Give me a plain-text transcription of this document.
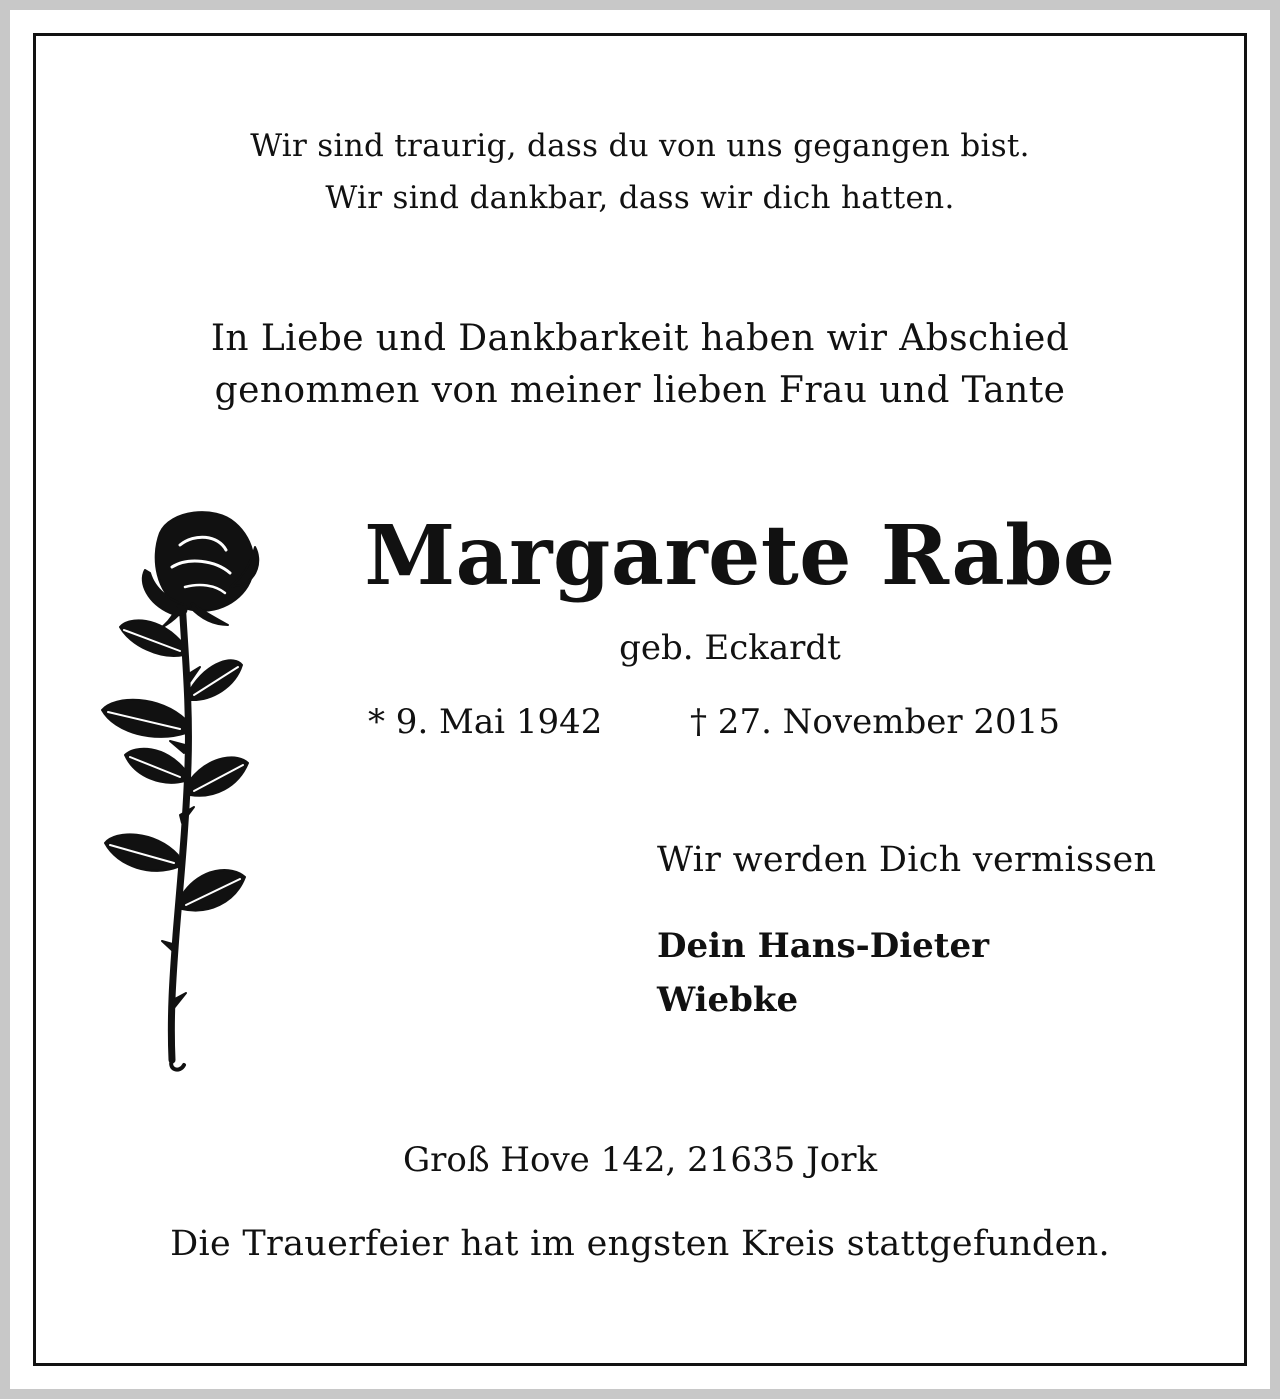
Wir sind traurig, dass du von uns gegangen bist.
Wir sind dankbar, dass wir dich hatten.
In Liebe und Dankbarkeit haben wir Abschied
genommen von meiner lieben Frau und Tante
Margarete Rabe
geb. Eckardt
* 9. Mai 1942	† 27. November 2015
Wir werden Dich vermissen
Dein Hans-Dieter
Wiebke
Groß Hove 142, 21635 Jork
Die Trauerfeier hat im engsten Kreis stattgefunden.
